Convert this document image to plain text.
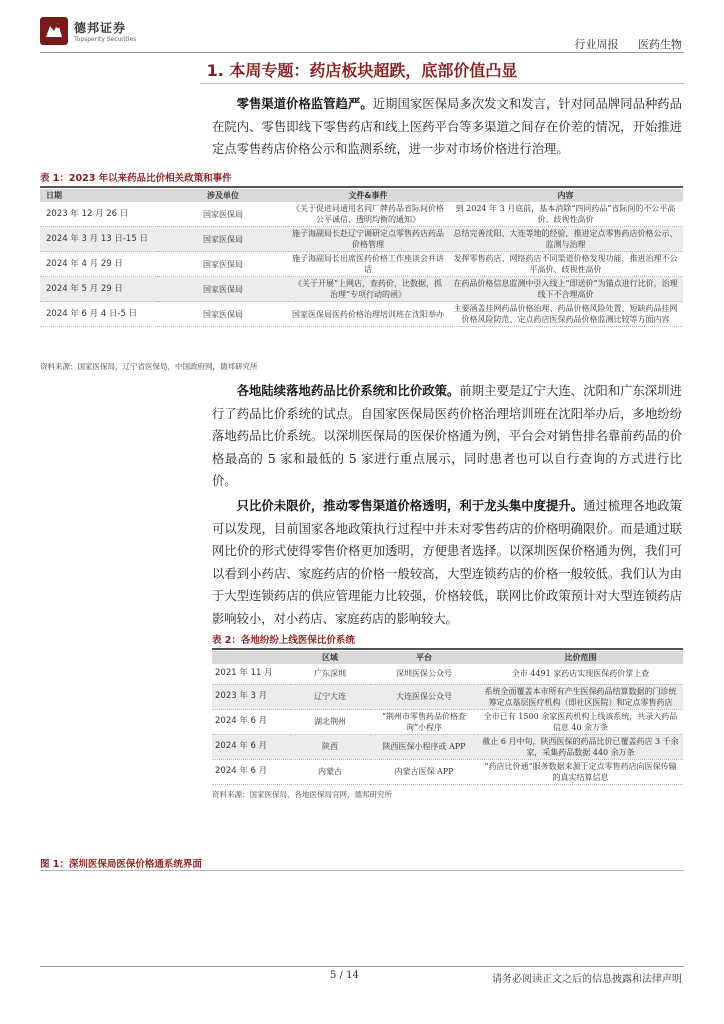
德邦证券
Topsperity Securities	行业周报 医药生物
1. 本周专题：药店板块超跌，底部价值凸显
  零售渠道价格监管趋严。近期国家医保局多次发文和发言，针对同品牌同品种药品在院内、零售即线下零售药店和线上医药平台等多渠道之间存在价差的情况，开始推进定点零售药店价格公示和监测系统，进一步对市场价格进行治理。
表 1：2023 年以来药品比价相关政策和事件
日期	涉及单位	文件&事件	内容
2023 年 12 月 26 日	国家医保局	《关于促进同通用名同厂牌药品省际间价格公平诚信、透明均衡的通知》	到 2024 年 3 月底前，基本消除“四同药品”省际间的不公平高价、歧视性高价
2024 年 3 月 13 日-15 日	国家医保局	施子海副局长赴辽宁调研定点零售药店药品价格管理	总结完善沈阳、大连等地的经验，推进定点零售药店价格公示、监测与治理
2024 年 4 月 29 日	国家医保局	施子海副局长出席医药价格工作座谈会并讲话	发挥零售药店、网络药店不同渠道价格发现功能，推进治理不公平高价、歧视性高价
2024 年 5 月 29 日	国家医保局	《关于开展“上网店，查药价，比数据，抓治理”专项行动的函》	在药品价格信息监测中引入线上“即送价”为锚点进行比价，治理线下不合理高价
2024 年 6 月 4 日-5 日	国家医保局	国家医保局医药价格治理培训班在沈阳举办	主要涵盖挂网药品价格治理、药品价格风险处置、短缺药品挂网价格风险防范、定点药店医保药品价格监测比较等方面内容
资料来源：国家医保局，辽宁省医保局，中国政府网，德邦研究所
  各地陆续落地药品比价系统和比价政策。前期主要是辽宁大连、沈阳和广东深圳进行了药品比价系统的试点。自国家医保局医药价格治理培训班在沈阳举办后，多地纷纷落地药品比价系统。以深圳医保局的医保价格通为例，平台会对销售排名靠前药品的价格最高的 5 家和最低的 5 家进行重点展示，同时患者也可以自行查询的方式进行比价。
  只比价未限价，推动零售渠道价格透明，利于龙头集中度提升。通过梳理各地政策可以发现，目前国家各地政策执行过程中并未对零售药店的价格明确限价。而是通过联网比价的形式使得零售价格更加透明，方便患者选择。以深圳医保价格通为例，我们可以看到小药店、家庭药店的价格一般较高，大型连锁药店的价格一般较低。我们认为由于大型连锁药店的供应管理能力比较强，价格较低，联网比价政策预计对大型连锁药店影响较小，对小药店、家庭药店的影响较大。
表 2：各地纷纷上线医保比价系统
	区域	平台	比价范围
2021 年 11 月	广东深圳	深圳医保公众号	全市 4491 家药店实现医保药价掌上查
2023 年 3 月	辽宁大连	大连医保公众号	系统全面覆盖本市所有产生医保药品结算数据的门诊统筹定点基层医疗机构（即社区医院）和定点零售药店
2024 年 6 月	湖北荆州	“荆州市零售药品价格查询”小程序	全市已有 1500 余家医药机构上线该系统，共录入药品信息 40 余万条
2024 年 6 月	陕西	陕西医保小程序或 APP	截止 6 月中旬，陕西医保的药品比价已覆盖药店 3 千余家，采集药品数据 440 余万条
2024 年 6 月	内蒙古	内蒙古医保 APP	“药店比价通”服务数据来源于定点零售药店向医保传输的真实结算信息
资料来源：国家医保局，各地医保局官网，德邦研究所
图 1：深圳医保局医保价格通系统界面
5 / 14	请务必阅读正文之后的信息披露和法律声明
